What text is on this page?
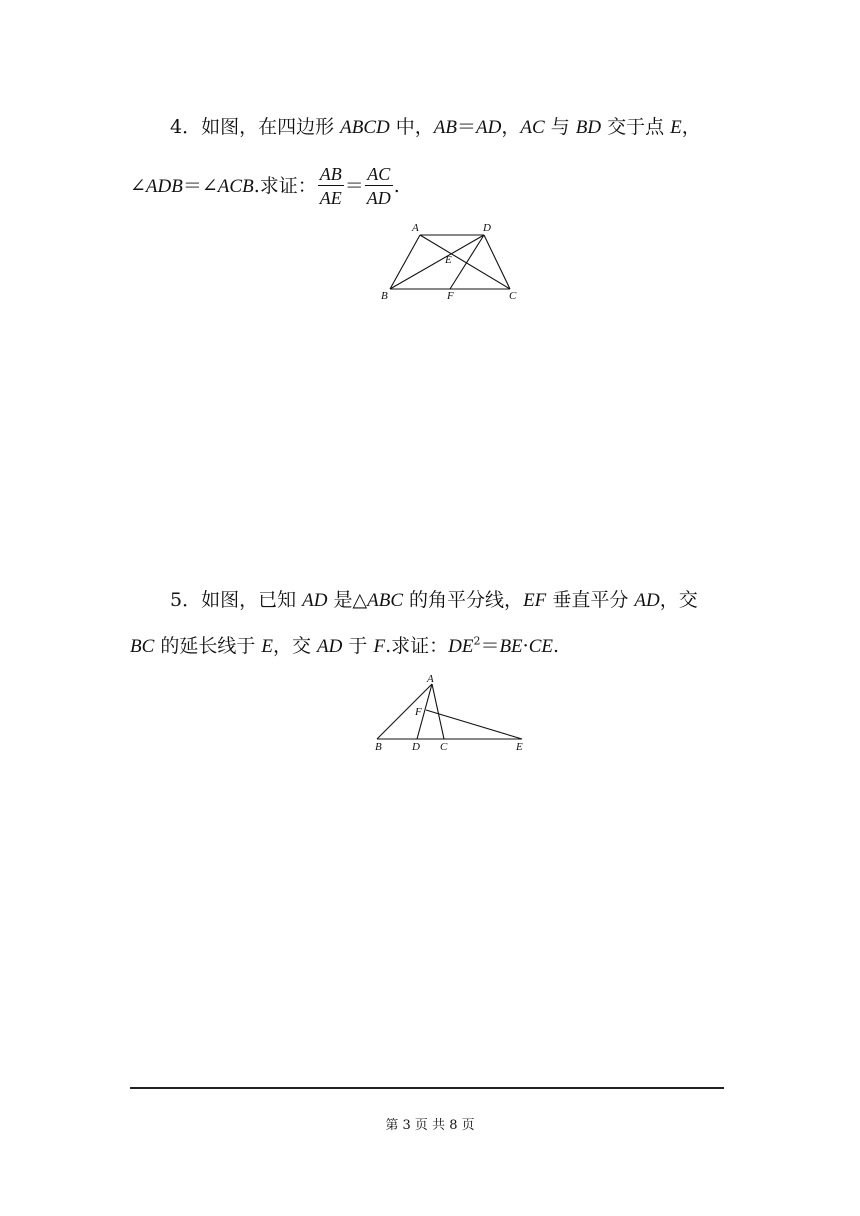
4．如图，在四边形 ABCD 中，AB＝AD，AC 与 BD 交于点 E，
∠ ADB ＝ ∠ ACB .求证： $\frac{AB}{AE} = \frac{AC}{AD}$ .
A	D
E
B	F	C
5．如图，已知 AD 是△ABC 的角平分线，EF 垂直平分 AD，交
BC 的延长线于 E，交 AD 于 F.求证：$DE^2=BE\cdot CE$.
A
F
B	D C	E
第 3 页 共 8 页
